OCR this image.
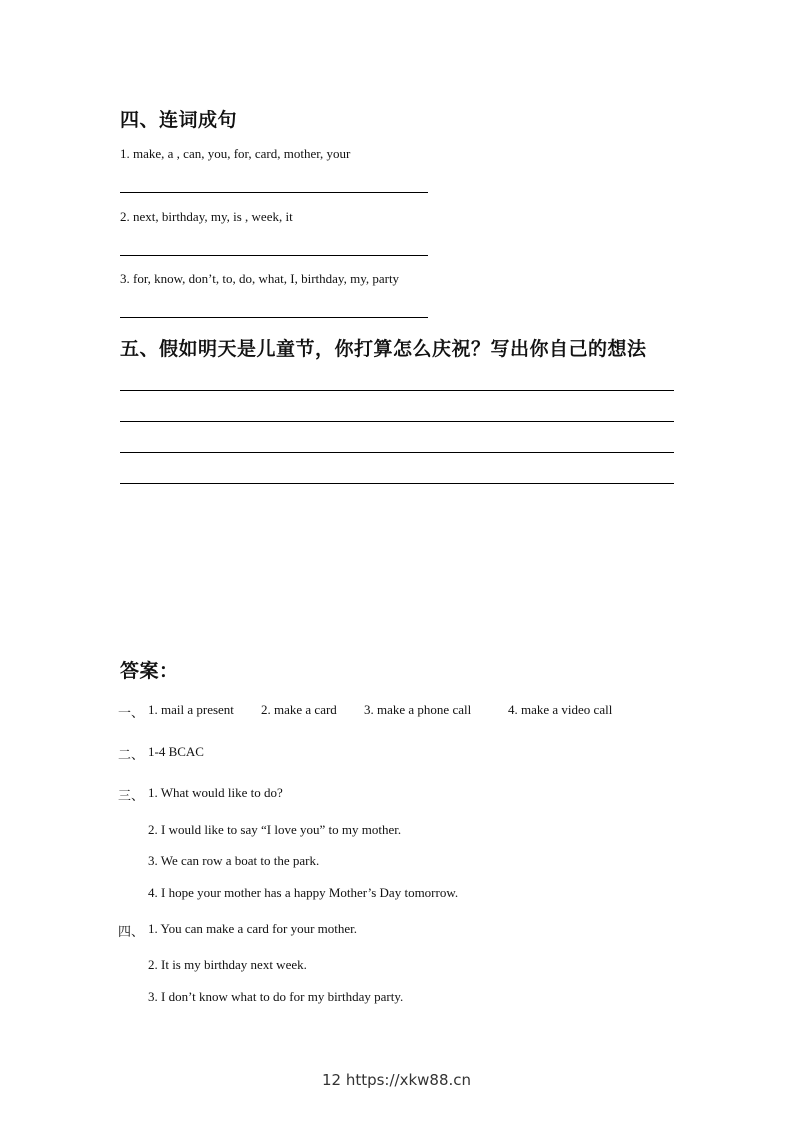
四、连词成句
1. make, a , can, you, for, card, mother, your
2. next, birthday, my, is , week, it
3. for, know, don’t, to, do, what, I, birthday, my, party
五、假如明天是儿童节，你打算怎么庆祝？写出你自己的想法
答案：
一、 1. mail a present 2. make a card 3. make a phone call	4. make a video call
二、 1-4 BCAC
三、 1. What would like to do?
2. I would like to say “I love you” to my mother.
3. We can row a boat to the park.
4. I hope your mother has a happy Mother’s Day tomorrow.
四、 1. You can make a card for your mother.
2. It is my birthday next week.
3. I don’t know what to do for my birthday party.
12 https://xkw88.cn
